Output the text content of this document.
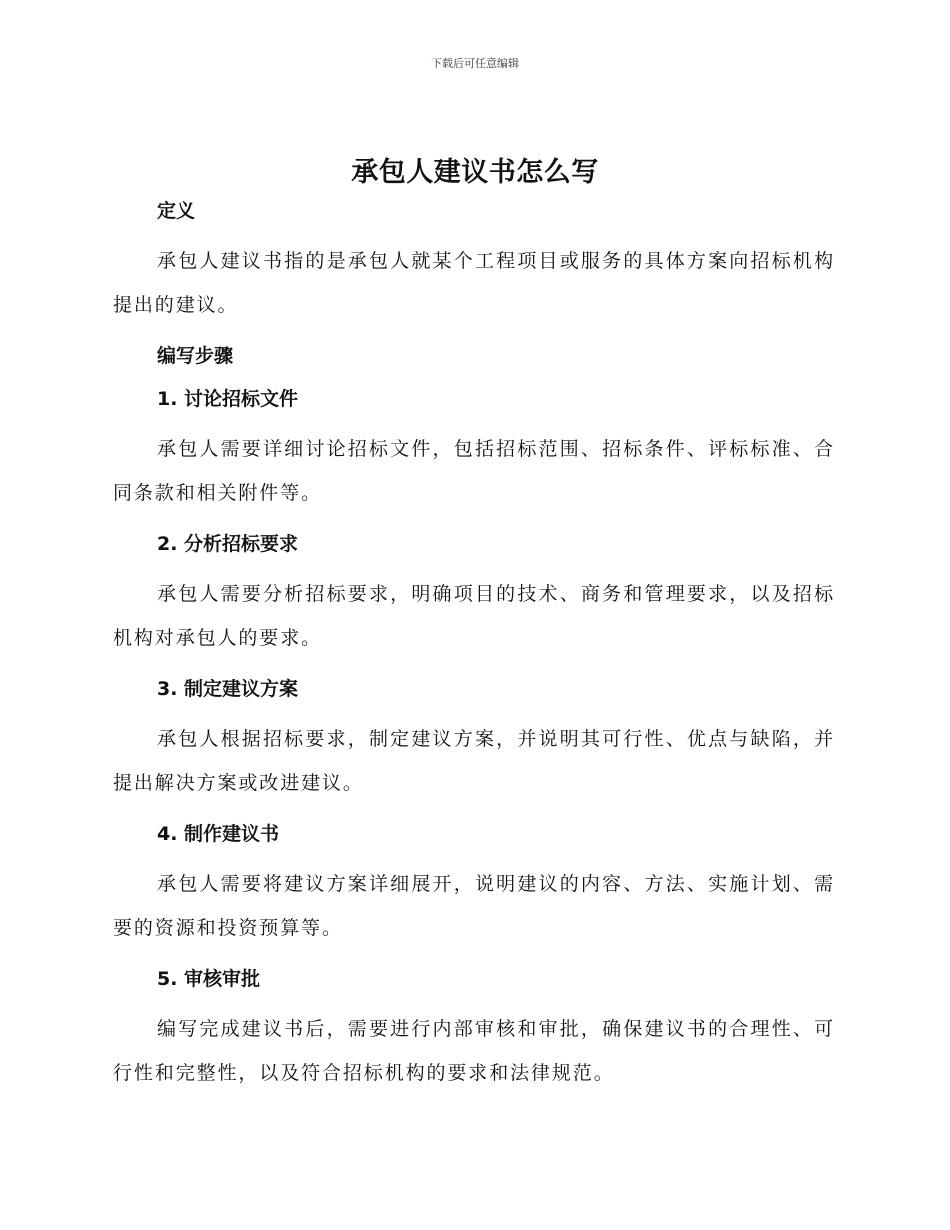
下载后可任意编辑
承包人建议书怎么写
定义
承包人建议书指的是承包人就某个工程项目或服务的具体方案向招标机构提出的建议。
编写步骤
1. 讨论招标文件
承包人需要详细讨论招标文件，包括招标范围、招标条件、评标标准、合同条款和相关附件等。
2. 分析招标要求
承包人需要分析招标要求，明确项目的技术、商务和管理要求，以及招标机构对承包人的要求。
3. 制定建议方案
承包人根据招标要求，制定建议方案，并说明其可行性、优点与缺陷，并提出解决方案或改进建议。
4. 制作建议书
承包人需要将建议方案详细展开，说明建议的内容、方法、实施计划、需要的资源和投资预算等。
5. 审核审批
编写完成建议书后，需要进行内部审核和审批，确保建议书的合理性、可行性和完整性，以及符合招标机构的要求和法律规范。
